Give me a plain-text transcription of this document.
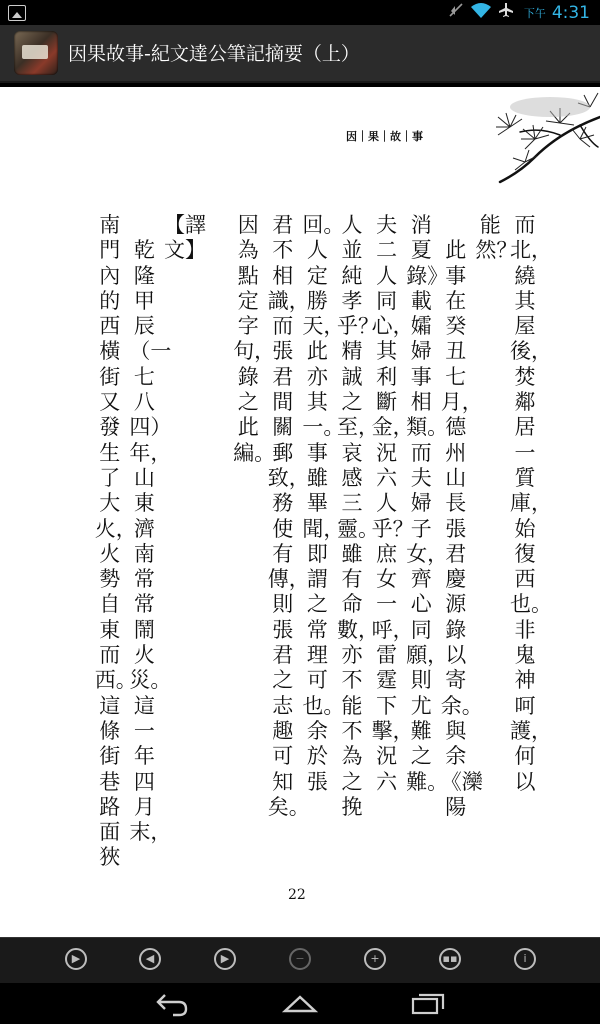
下午 4:31
因果故事-紀文達公筆記摘要（上）
因｜果｜故｜事
而北，繞其屋後，焚鄰居一質庫，始復西也。非鬼神呵護，何以
能然？
　此事在癸丑七月，德州山長張君慶源錄以寄余。與余《灤陽
消夏錄》載孀婦事相類。而夫婦子女，齊心同願，則尤難之難。
夫二人同心，其利斷金，況六人乎？庶女一呼，雷霆下擊，況六
人並純孝乎？精誠之至，哀感三靈。雖有命數，亦不能不為之挽
回。人定勝天，此亦其一。事雖畢聞，即謂之常理可也。余於張
君不相識，而張君間關郵致，務使有傳，則張君之志趣可知矣。
因為點定字句，錄之此編。
【譯文】
　乾隆甲辰（一七八四）年，山東濟南常常鬧火災。這一年四月末，
南門內的西橫街又發生了大火，火勢自東而西。這條街巷路面狹
22
▶	◀	▶	−	+	▪▪	i
